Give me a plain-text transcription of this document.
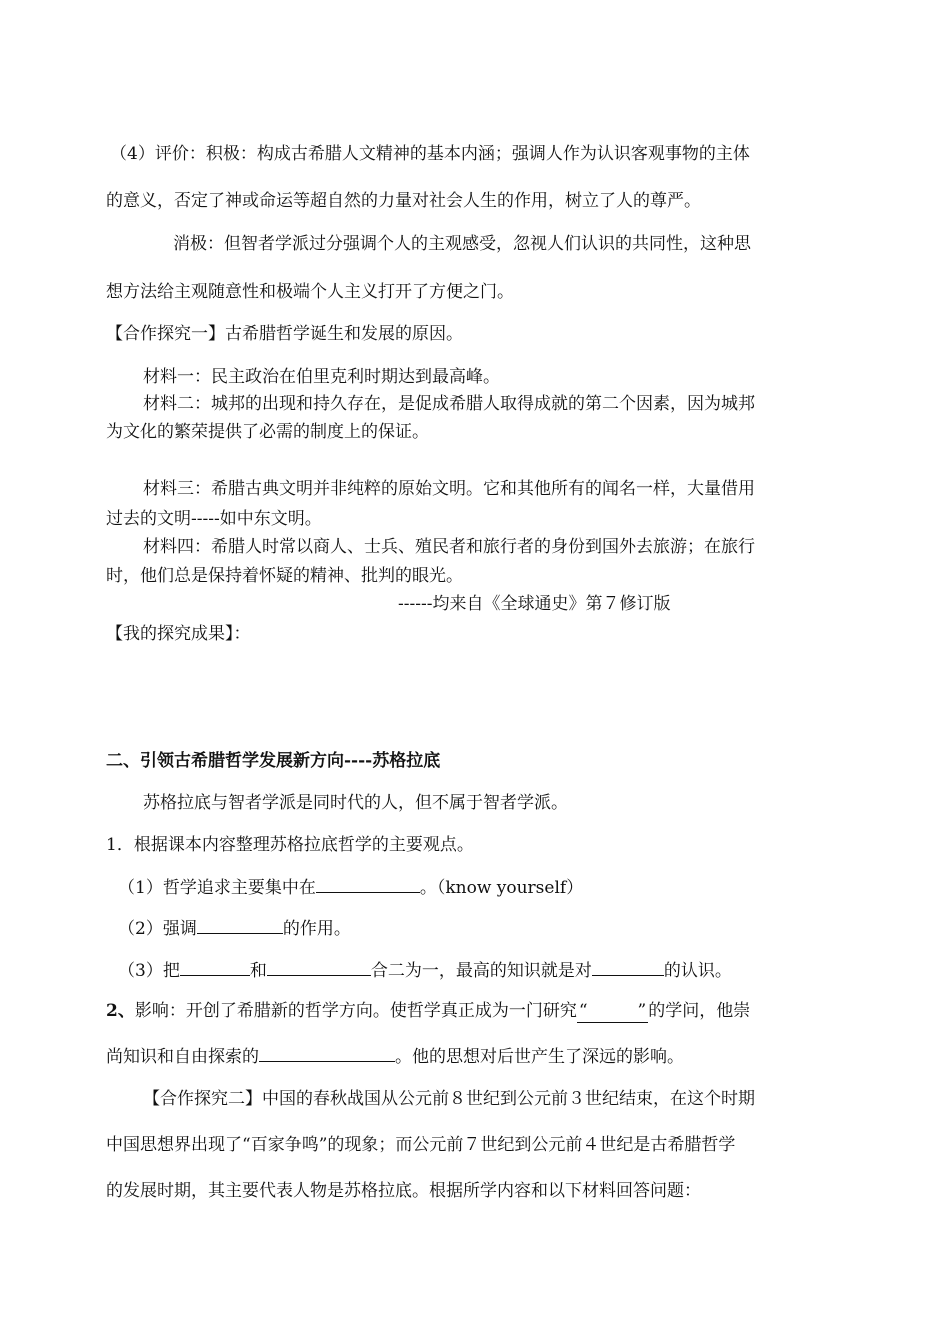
（4）评价：积极：构成古希腊人文精神的基本内涵；强调人作为认识客观事物的主体
的意义，否定了神或命运等超自然的力量对社会人生的作用，树立了人的尊严。
消极：但智者学派过分强调个人的主观感受，忽视人们认识的共同性，这种思
想方法给主观随意性和极端个人主义打开了方便之门。
【合作探究一】古希腊哲学诞生和发展的原因。
材料一：民主政治在伯里克利时期达到最高峰。
材料二：城邦的出现和持久存在，是促成希腊人取得成就的第二个因素，因为城邦
为文化的繁荣提供了必需的制度上的保证。
材料三：希腊古典文明并非纯粹的原始文明。它和其他所有的闻名一样，大量借用
过去的文明-----如中东文明。
材料四：希腊人时常以商人、士兵、殖民者和旅行者的身份到国外去旅游；在旅行
时，他们总是保持着怀疑的精神、批判的眼光。
------均来自《全球通史》第７修订版
【我的探究成果】：
二、引领古希腊哲学发展新方向----苏格拉底
苏格拉底与智者学派是同时代的人，但不属于智者学派。
1．根据课本内容整理苏格拉底哲学的主要观点。
（1）哲学追求主要集中在	。（know yourself）
（2）强调	的作用。
（3）把	和	合二为一，最高的知识就是对	的认识。
2、影响：开创了希腊新的哲学方向。使哲学真正成为一门研究 “	” 的学问，他崇
尚知识和自由探索的	。他的思想对后世产生了深远的影响。
【合作探究二】中国的春秋战国从公元前８世纪到公元前３世纪结束，在这个时期
中国思想界出现了“百家争鸣”的现象；而公元前７世纪到公元前４世纪是古希腊哲学
的发展时期，其主要代表人物是苏格拉底。根据所学内容和以下材料回答问题：
